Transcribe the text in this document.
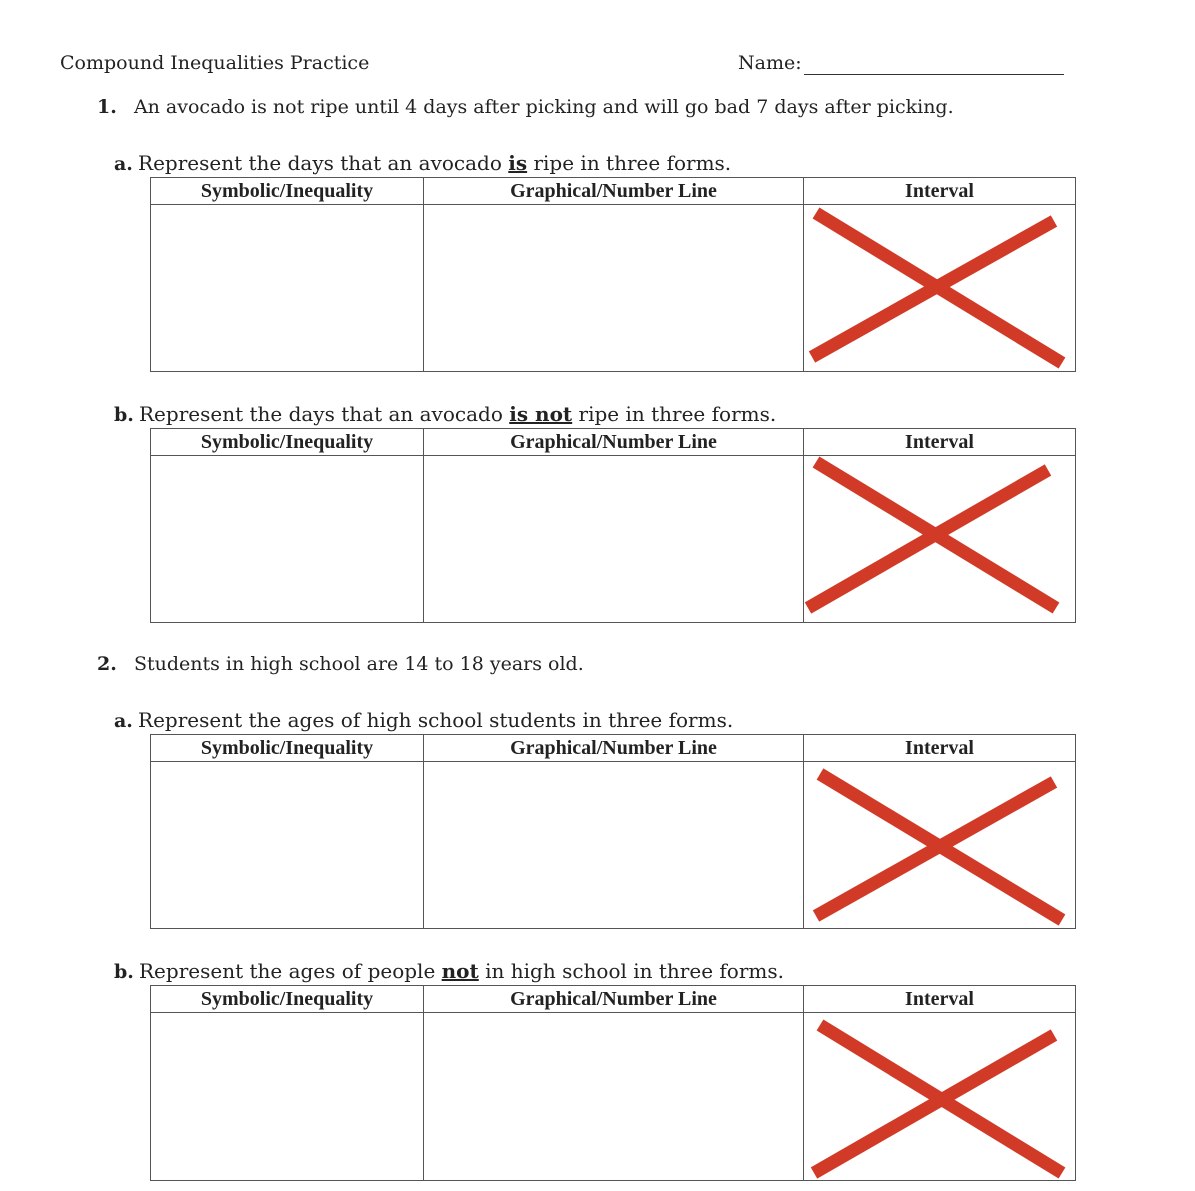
Compound Inequalities Practice	Name:
1. An avocado is not ripe until 4 days after picking and will go bad 7 days after picking.
a. Represent the days that an avocado is ripe in three forms.
Symbolic/Inequality	Graphical/Number Line	Interval
b. Represent the days that an avocado is not ripe in three forms.
Symbolic/Inequality	Graphical/Number Line	Interval
2. Students in high school are 14 to 18 years old.
a. Represent the ages of high school students in three forms.
Symbolic/Inequality	Graphical/Number Line	Interval
b. Represent the ages of people not in high school in three forms.
Symbolic/Inequality	Graphical/Number Line	Interval
